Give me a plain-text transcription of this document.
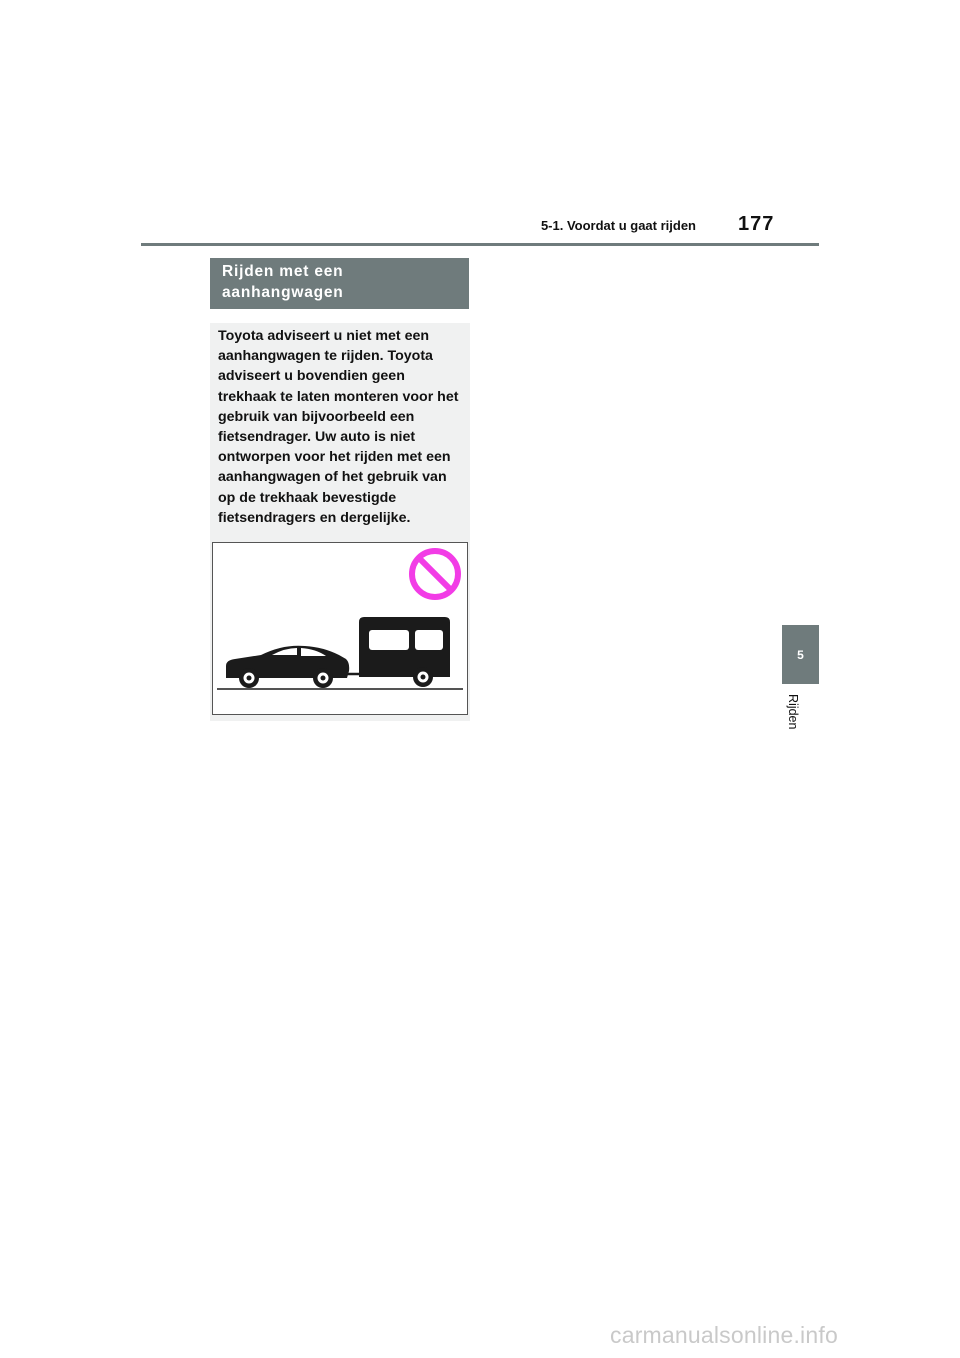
5-1. Voordat u gaat rijden 177

Rijden met een aanhangwagen

Toyota adviseert u niet met een aanhangwagen te rijden. Toyota adviseert u bovendien geen trekhaak te laten monteren voor het gebruik van bijvoorbeeld een fietsendrager. Uw auto is niet ontworpen voor het rijden met een aanhangwagen of het gebruik van op de trekhaak bevestigde fietsendragers en dergelijke.

5
Rijden
carmanualsonline.info
